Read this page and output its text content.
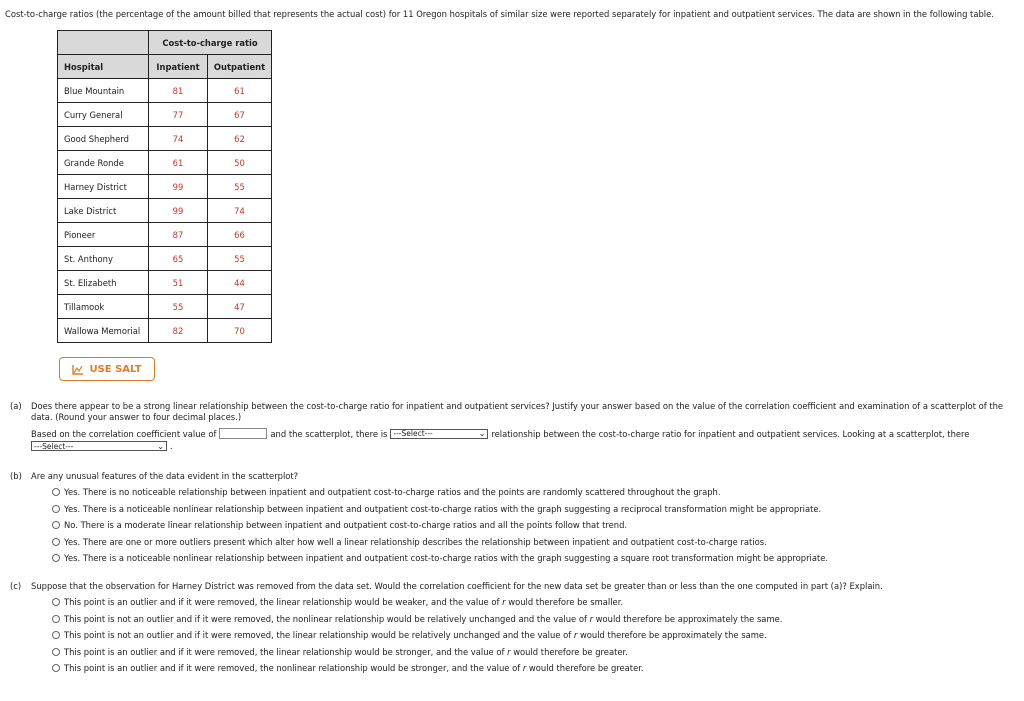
Cost-to-charge ratios (the percentage of the amount billed that represents the actual cost) for 11 Oregon hospitals of similar size were reported separately for inpatient and outpatient services. The data are shown in the following table.
	Cost-to-charge ratio	
Hospital	Inpatient	Outpatient
Blue Mountain	81	61
Curry General	77	67
Good Shepherd	74	62
Grande Ronde	61	50
Harney District	99	55
Lake District	99	74
Pioneer	87	66
St. Anthony	65	55
St. Elizabeth	51	44
Tillamook	55	47
Wallowa Memorial	82	70
USE SALT
(a) Does there appear to be a strong linear relationship between the cost-to-charge ratio for inpatient and outpatient services? Justify your answer based on the value of the correlation coefficient and examination of a scatterplot of the
data. (Round your answer to four decimal places.)
Based on the correlation coefficient value of	and the scatterplot, there is ---Select---	⌄ relationship between the cost-to-charge ratio for inpatient and outpatient services. Looking at a scatterplot, there
---Select---	⌄ .
(b) Are any unusual features of the data evident in the scatterplot?
Yes. There is no noticeable relationship between inpatient and outpatient cost-to-charge ratios and the points are randomly scattered throughout the graph.
Yes. There is a noticeable nonlinear relationship between inpatient and outpatient cost-to-charge ratios with the graph suggesting a reciprocal transformation might be appropriate.
No. There is a moderate linear relationship between inpatient and outpatient cost-to-charge ratios and all the points follow that trend.
Yes. There are one or more outliers present which alter how well a linear relationship describes the relationship between inpatient and outpatient cost-to-charge ratios.
Yes. There is a noticeable nonlinear relationship between inpatient and outpatient cost-to-charge ratios with the graph suggesting a square root transformation might be appropriate.
(c) Suppose that the observation for Harney District was removed from the data set. Would the correlation coefficient for the new data set be greater than or less than the one computed in part (a)? Explain.
This point is an outlier and if it were removed, the linear relationship would be weaker, and the value of r would therefore be smaller.
This point is not an outlier and if it were removed, the nonlinear relationship would be relatively unchanged and the value of r would therefore be approximately the same.
This point is not an outlier and if it were removed, the linear relationship would be relatively unchanged and the value of r would therefore be approximately the same.
This point is an outlier and if it were removed, the linear relationship would be stronger, and the value of r would therefore be greater.
This point is an outlier and if it were removed, the nonlinear relationship would be stronger, and the value of r would therefore be greater.
